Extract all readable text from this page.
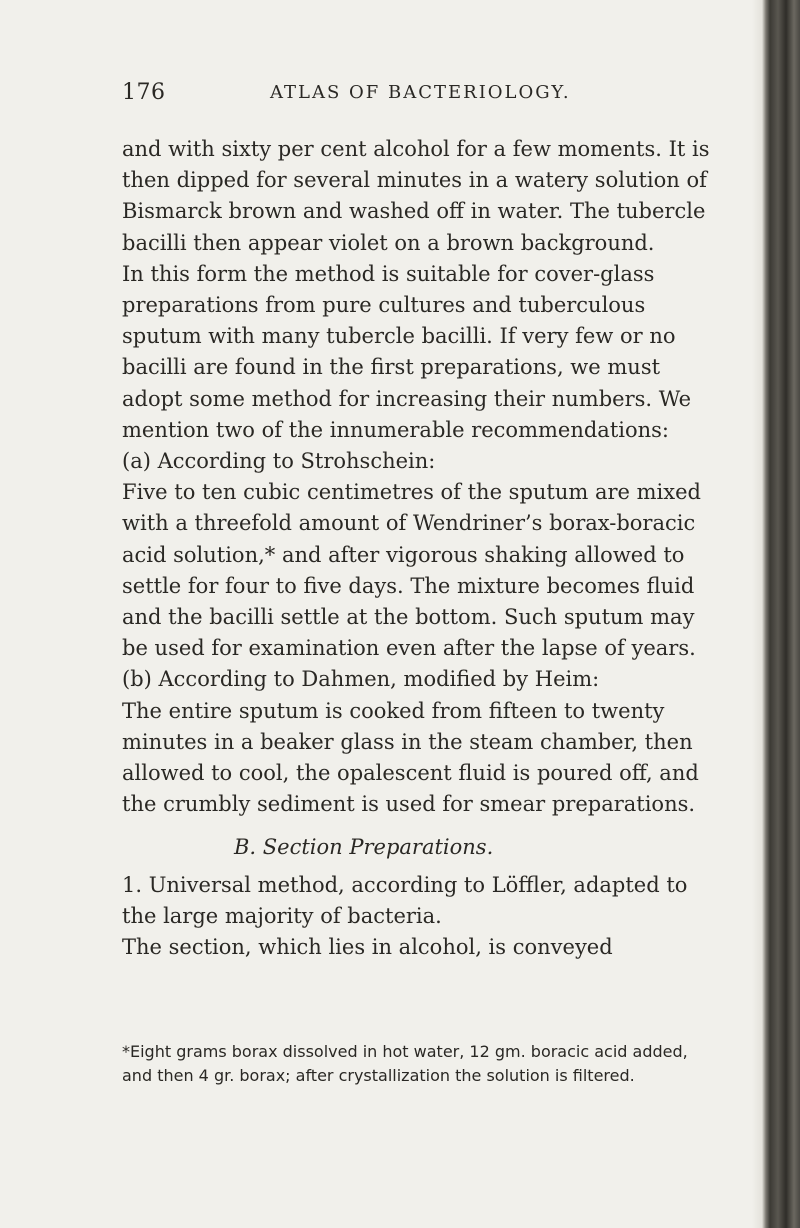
176	ATLAS OF BACTERIOLOGY.

and with sixty per cent alcohol for a few moments. It is then dipped for several minutes in a watery solution of Bismarck brown and washed off in water. The tubercle bacilli then appear violet on a brown background.

In this form the method is suitable for cover-glass preparations from pure cultures and tuberculous sputum with many tubercle bacilli. If very few or no bacilli are found in the first preparations, we must adopt some method for increasing their numbers. We mention two of the innumerable recommendations:

(a) According to Strohschein:

Five to ten cubic centimetres of the sputum are mixed with a threefold amount of Wendriner’s borax-boracic acid solution,* and after vigorous shaking allowed to settle for four to five days. The mixture becomes fluid and the bacilli settle at the bottom. Such sputum may be used for examination even after the lapse of years.

(b) According to Dahmen, modified by Heim:

The entire sputum is cooked from fifteen to twenty minutes in a beaker glass in the steam chamber, then allowed to cool, the opalescent fluid is poured off, and the crumbly sediment is used for smear preparations.

B. Section Preparations.

1. Universal method, according to Löffler, adapted to the large majority of bacteria.

The section, which lies in alcohol, is conveyed

*Eight grams borax dissolved in hot water, 12 gm. boracic acid added, and then 4 gr. borax; after crystallization the solution is filtered.
